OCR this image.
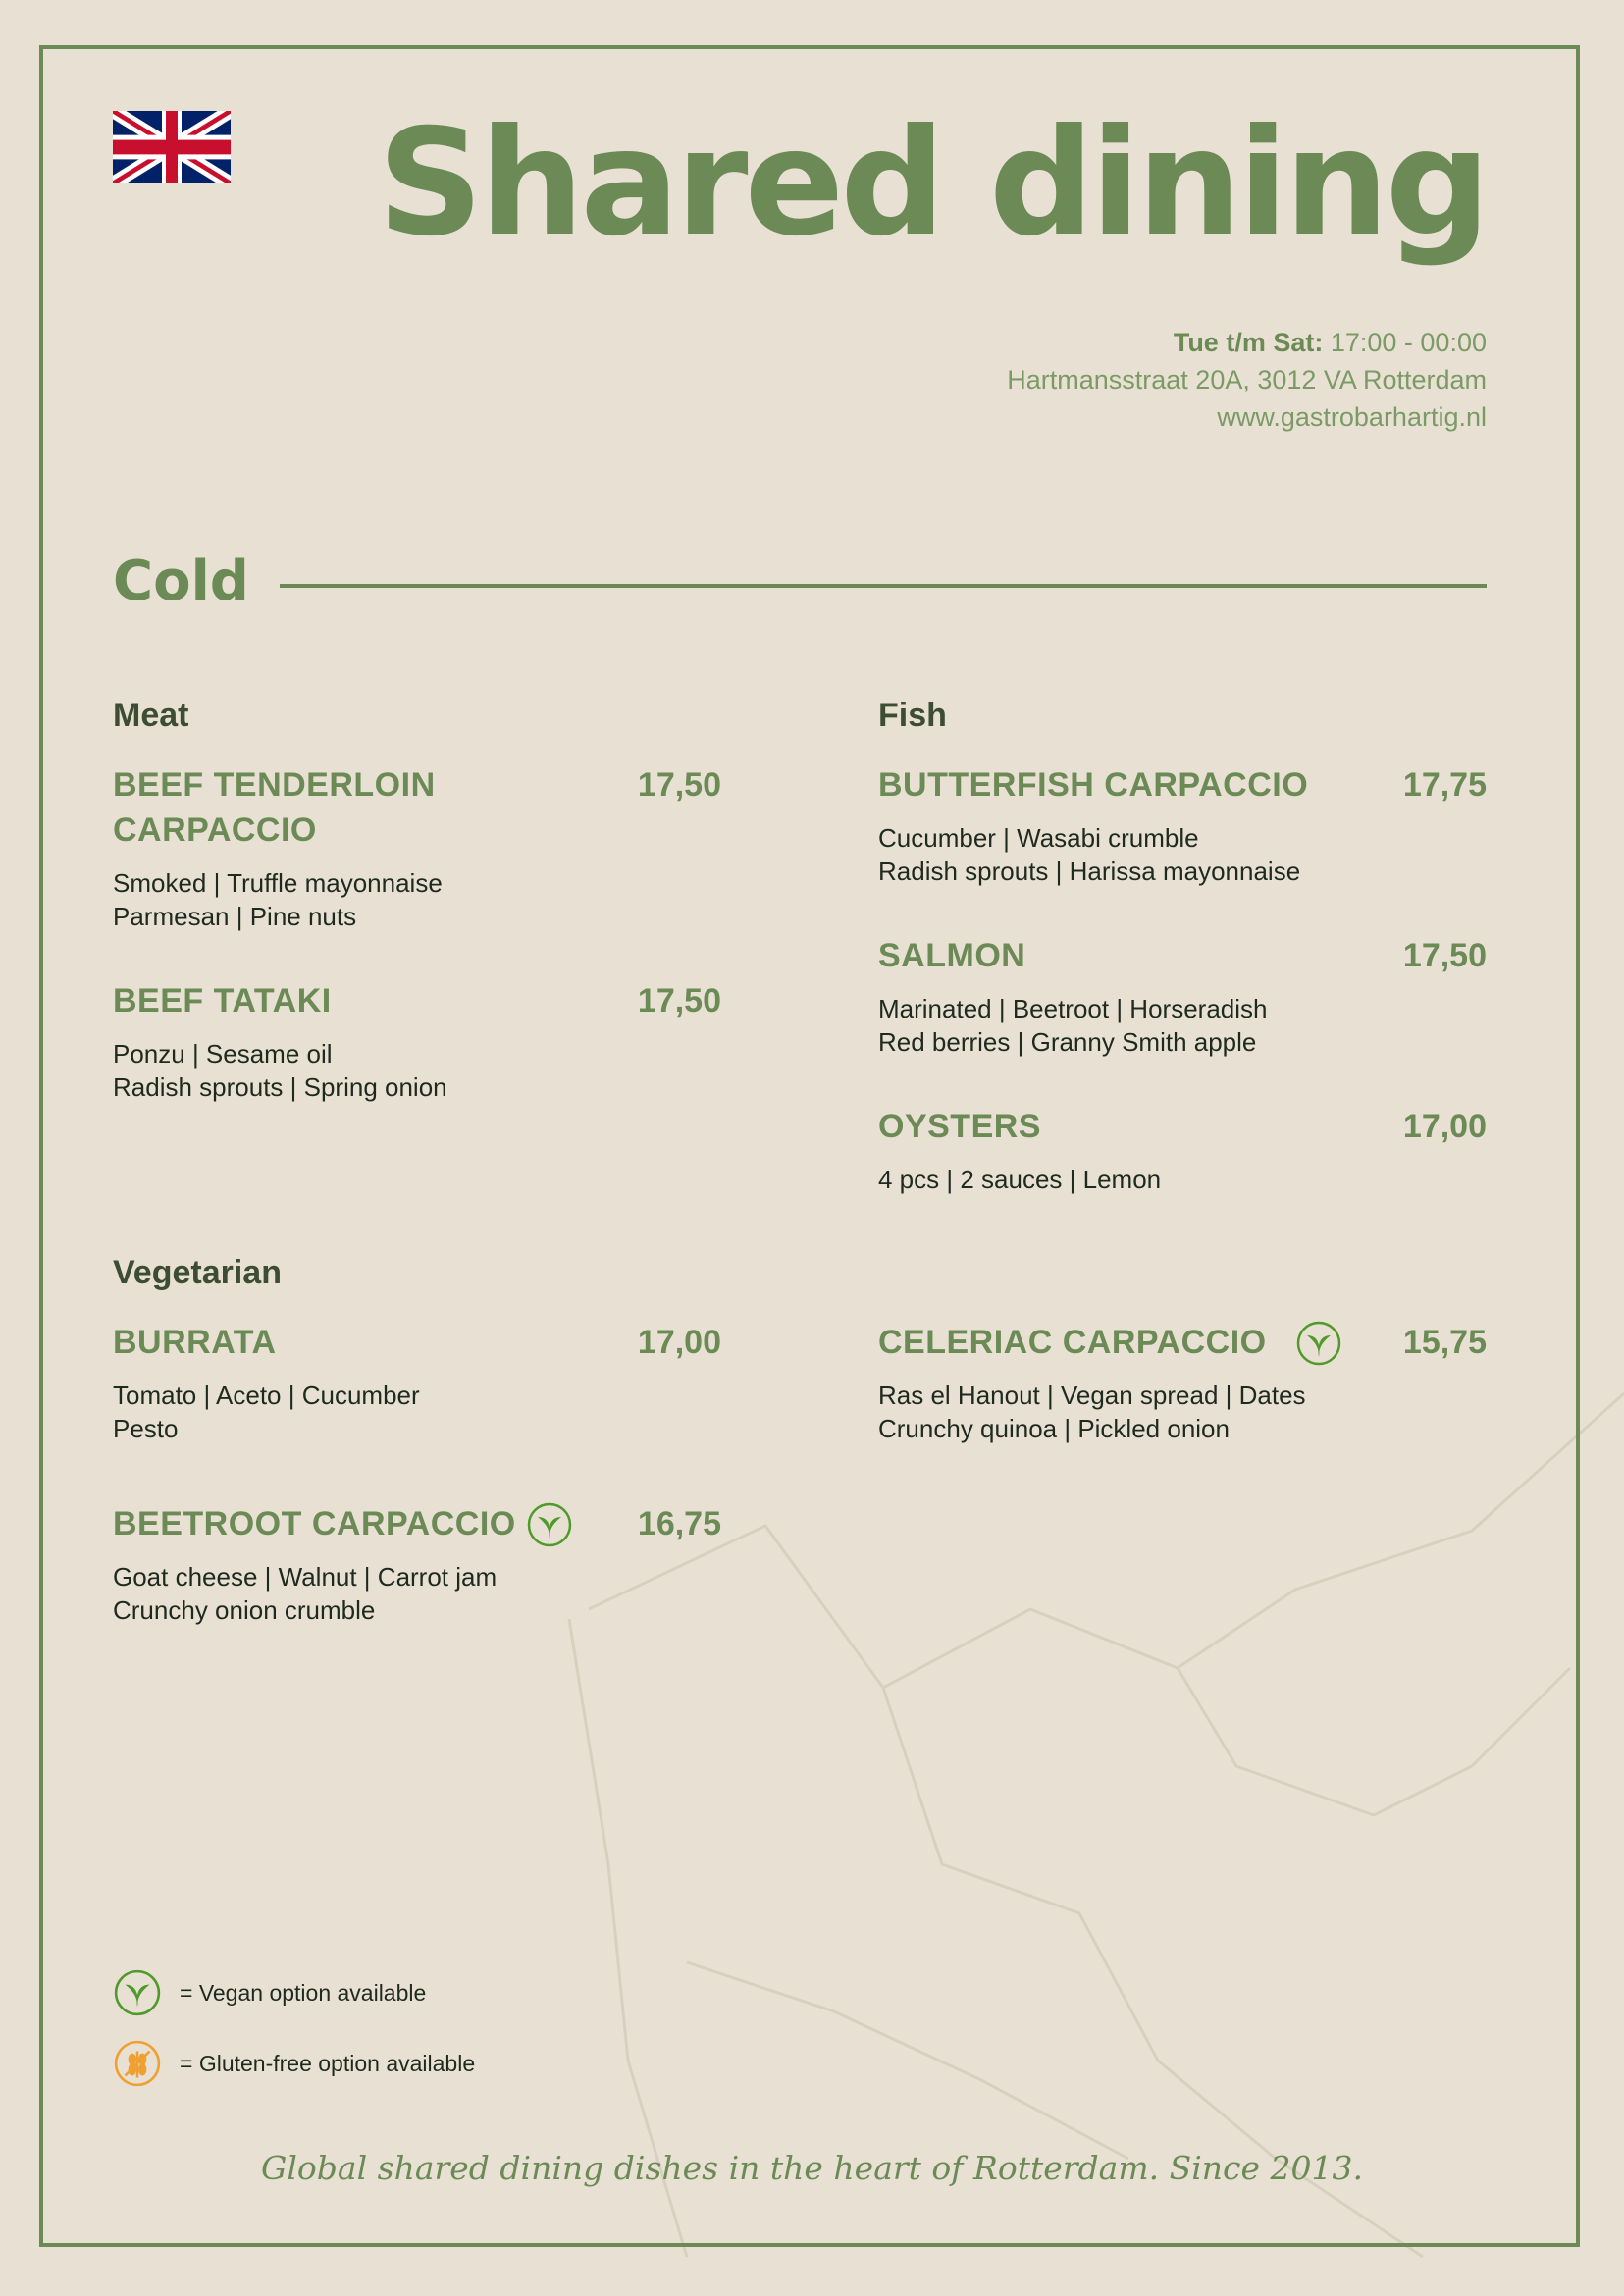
Shared dining
Tue t/m Sat: 17:00 - 00:00
Hartmansstraat 20A, 3012 VA Rotterdam
www.gastrobarhartig.nl
Cold
Meat
BEEF TENDERLOIN CARPACCIO
17,50
Smoked | Truffle mayonnaise
Parmesan | Pine nuts
BEEF TATAKI	17,50
Ponzu | Sesame oil
Radish sprouts | Spring onion
Fish
BUTTERFISH CARPACCIO	17,75
Cucumber | Wasabi crumble
Radish sprouts | Harissa mayonnaise
SALMON	17,50
Marinated | Beetroot | Horseradish
Red berries | Granny Smith apple
OYSTERS	17,00
4 pcs | 2 sauces | Lemon
Vegetarian
BURRATA	17,00
Tomato | Aceto | Cucumber
Pesto
BEETROOT CARPACCIO	16,75
Goat cheese | Walnut | Carrot jam
Crunchy onion crumble
CELERIAC CARPACCIO	15,75
Ras el Hanout | Vegan spread | Dates
Crunchy quinoa | Pickled onion
= Vegan option available
= Gluten-free option available
Global shared dining dishes in the heart of Rotterdam. Since 2013.
